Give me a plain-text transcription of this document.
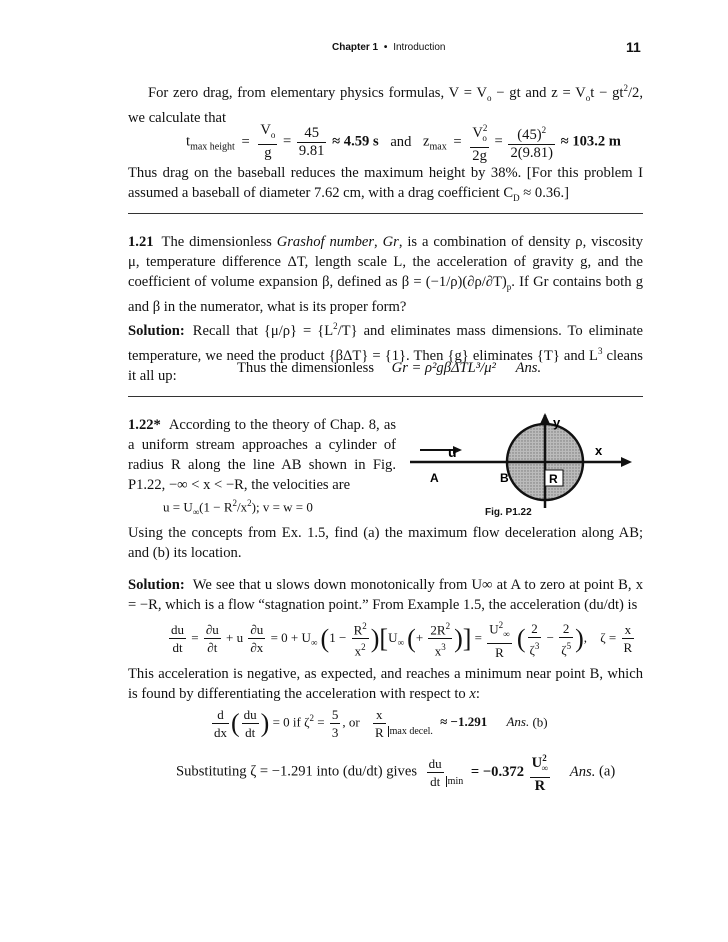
Chapter 1 • Introduction	11

For zero drag, from elementary physics formulas, $V = V_o$ − gt and $z = V_ot - gt^2/2$, we calculate that

$t_{max height} = \frac{V_o}{g} = \frac{45}{9.81} \approx 4.59$ s and $z_{max} = \frac{V^2_o}{2g} = \frac{(45)^2}{2(9.81)} \approx 103.2$ m

Thus drag on the baseball reduces the maximum height by 38%. [For this problem I assumed a baseball of diameter 7.62 cm, with a drag coefficient $C_D \approx 0.36$.]

1.21 The dimensionless Grashof number, Gr, is a combination of density ρ, viscosity μ, temperature difference ΔT, length scale L, the acceleration of gravity g, and the coefficient of volume expansion β, defined as $\beta = (-1/\rho)(\partial\rho/\partial T)_p$. If Gr contains both g and β in the numerator, what is its proper form?

Solution: Recall that $\{\mu/\rho\} = \{L^2/T\}$ and eliminates mass dimensions. To eliminate temperature, we need the product {βΔT} = {1}. Then {g} eliminates {T} and $L^3$ cleans it all up:	Thus the dimensionless Gr = ρ²gβΔTL³/μ² Ans.

1.22* According to the theory of Chap. 8, as a uniform stream approaches a cylinder of radius R along the line AB shown in Fig. P1.22, −∞ < x < −R, the velocities are

$u = U_\infty(1 - R^2/x^2)$; v = w = 0
y
x
u
A	B	R
Fig. P1.22

Using the concepts from Ex. 1.5, find (a) the maximum flow deceleration along AB; and (b) its location.

Solution: We see that u slows down monotonically from U∞ at A to zero at point B, x = −R, which is a flow “stagnation point.” From Example 1.5, the acceleration (du/dt) is

$\frac{du}{dt} = \frac{\partial u}{\partial t} + u \frac{\partial u}{\partial x} = 0 + U_\infty$ $(1 - \frac{R^2}{x^2} )[U_\infty$ (+ $\frac{2R^2}{x^3}$ )] = $\frac{U^2_\infty}{R}$ ( $\frac{2}{\zeta^3} - \frac{2}{\zeta^5}$ ), $\zeta = \frac{x}{R}$

This acceleration is negative, as expected, and reaches a minimum near point B, which is found by differentiating the acceleration with respect to x:

$\frac{d}{dx}$ ( $\frac{du}{dt}$ ) = 0 if $\zeta^2 = \frac{5}{3}$ , or $\frac{x}{R} _{max decel.} \approx -1.291$ Ans. (b)
Substituting ζ = −1.291 into (du/dt) gives $\frac{du}{dt} _{min} = -0.372 \frac{U^2_\infty}{R}$ Ans. (a)
